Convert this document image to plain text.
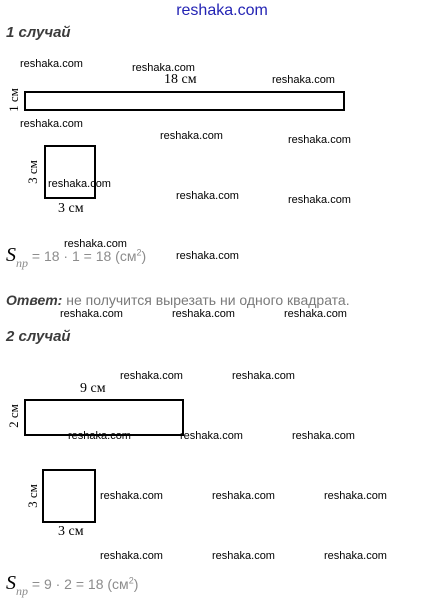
reshaka.com
1 случай
reshaka.com	reshaka.com
reshaka.com
reshaka.com
reshaka.com	reshaka.com
reshaka.com
reshaka.com	reshaka.com
reshaka.com
reshaka.com
reshaka.com	reshaka.com	reshaka.com
18 см
1 см
3 см
3 см
Sпр = 18 · 1 = 18 $(см^2)$
Ответ: не получится вырезать ни одного квадрата.
2 случай
reshaka.com	reshaka.com
reshaka.com	reshaka.com	reshaka.com
reshaka.com	reshaka.com	reshaka.com
reshaka.com	reshaka.com	reshaka.com
9 см
2 см
3 см
3 см
Sпр = 9 · 2 = 18 $(см^2)$
